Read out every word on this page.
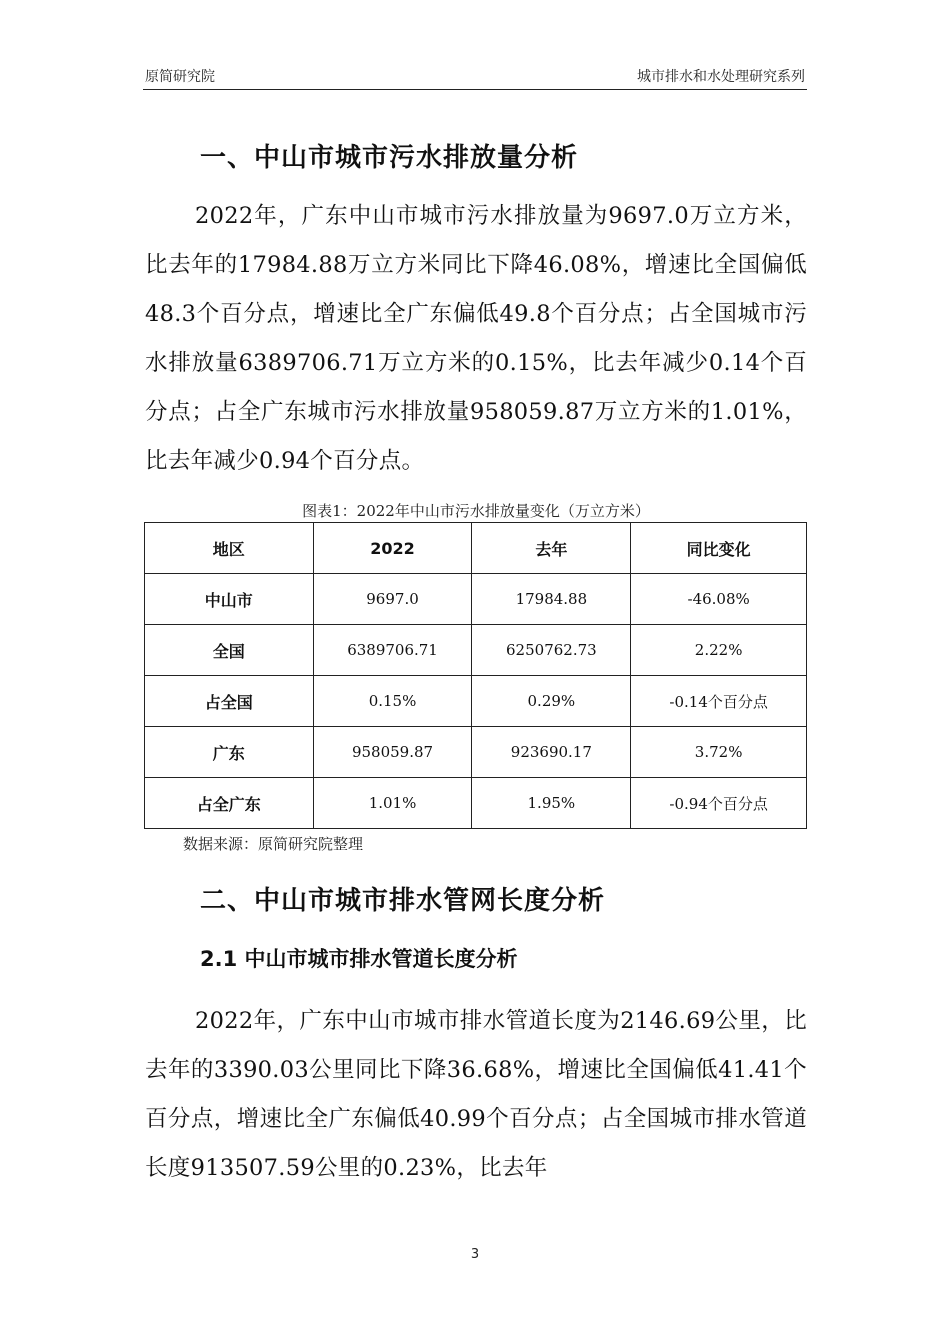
原简研究院	城市排水和水处理研究系列
一、中山市城市污水排放量分析

2022年，广东中山市城市污水排放量为9697.0万立方米，比去年的17984.88万立方米同比下降46.08%，增速比全国偏低48.3个百分点，增速比全广东偏低49.8个百分点；占全国城市污水排放量6389706.71万立方米的0.15%，比去年减少0.14个百分点；占全广东城市污水排放量958059.87万立方米的1.01%，比去年减少0.94个百分点。

图表1：2022年中山市污水排放量变化（万立方米）
地区	2022	去年	同比变化
中山市	9697.0	17984.88	-46.08%
全国	6389706.71	6250762.73	2.22%
占全国	0.15%	0.29%	-0.14个百分点
广东	958059.87	923690.17	3.72%
占全广东	1.01%	1.95%	-0.94个百分点
数据来源：原简研究院整理
二、中山市城市排水管网长度分析
2.1 中山市城市排水管道长度分析

2022年，广东中山市城市排水管道长度为2146.69公里，比去年的3390.03公里同比下降36.68%，增速比全国偏低41.41个百分点，增速比全广东偏低40.99个百分点；占全国城市排水管道长度913507.59公里的0.23%，比去年

3
